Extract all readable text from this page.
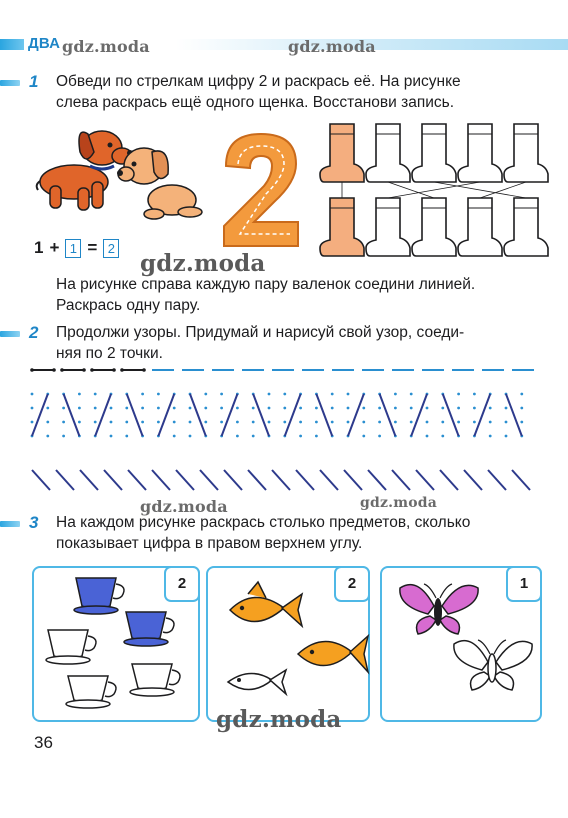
ДВА gdz.moda	gdz.moda
1 Обведи по стрелкам цифру 2 и раскрась её. На рисунке
слева раскрась ещё одного щенка. Восстанови запись.
1 + 1 = 2
gdz.moda
На рисунке справа каждую пару валенок соедини линией.
Раскрась одну пару.
2 Продолжи узоры. Придумай и нарисуй свой узор, соеди-
няя по 2 точки.
gdz.moda	gdz.moda
3 На каждом рисунке раскрась столько предметов, сколько
показывает цифра в правом верхнем углу.
2	2	1
gdz.moda
36
